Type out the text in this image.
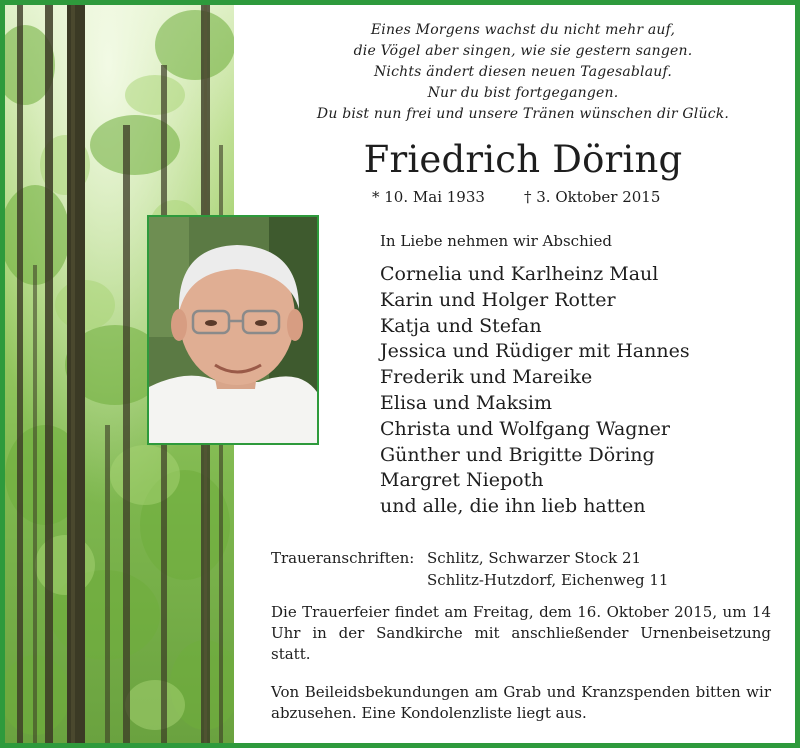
Eines Morgens wachst du nicht mehr auf,
die Vögel aber singen, wie sie gestern sangen.
Nichts ändert diesen neuen Tagesablauf.
Nur du bist fortgegangen.
Du bist nun frei und unsere Tränen wünschen dir Glück.
Friedrich Döring
* 10. Mai 1933	† 3. Oktober 2015
In Liebe nehmen wir Abschied
Cornelia und Karlheinz Maul
Karin und Holger Rotter
Katja und Stefan
Jessica und Rüdiger mit Hannes
Frederik und Mareike
Elisa und Maksim
Christa und Wolfgang Wagner
Günther und Brigitte Döring
Margret Niepoth
und alle, die ihn lieb hatten
Traueranschriften: Schlitz, Schwarzer Stock 21
Schlitz-Hutzdorf, Eichenweg 11
Die Trauerfeier findet am Freitag, dem 16. Oktober 2015, um 14 Uhr in der Sandkirche mit anschließender Urnenbeisetzung statt.
Von Beileidsbekundungen am Grab und Kranzspenden bitten wir abzusehen. Eine Kondolenzliste liegt aus.
